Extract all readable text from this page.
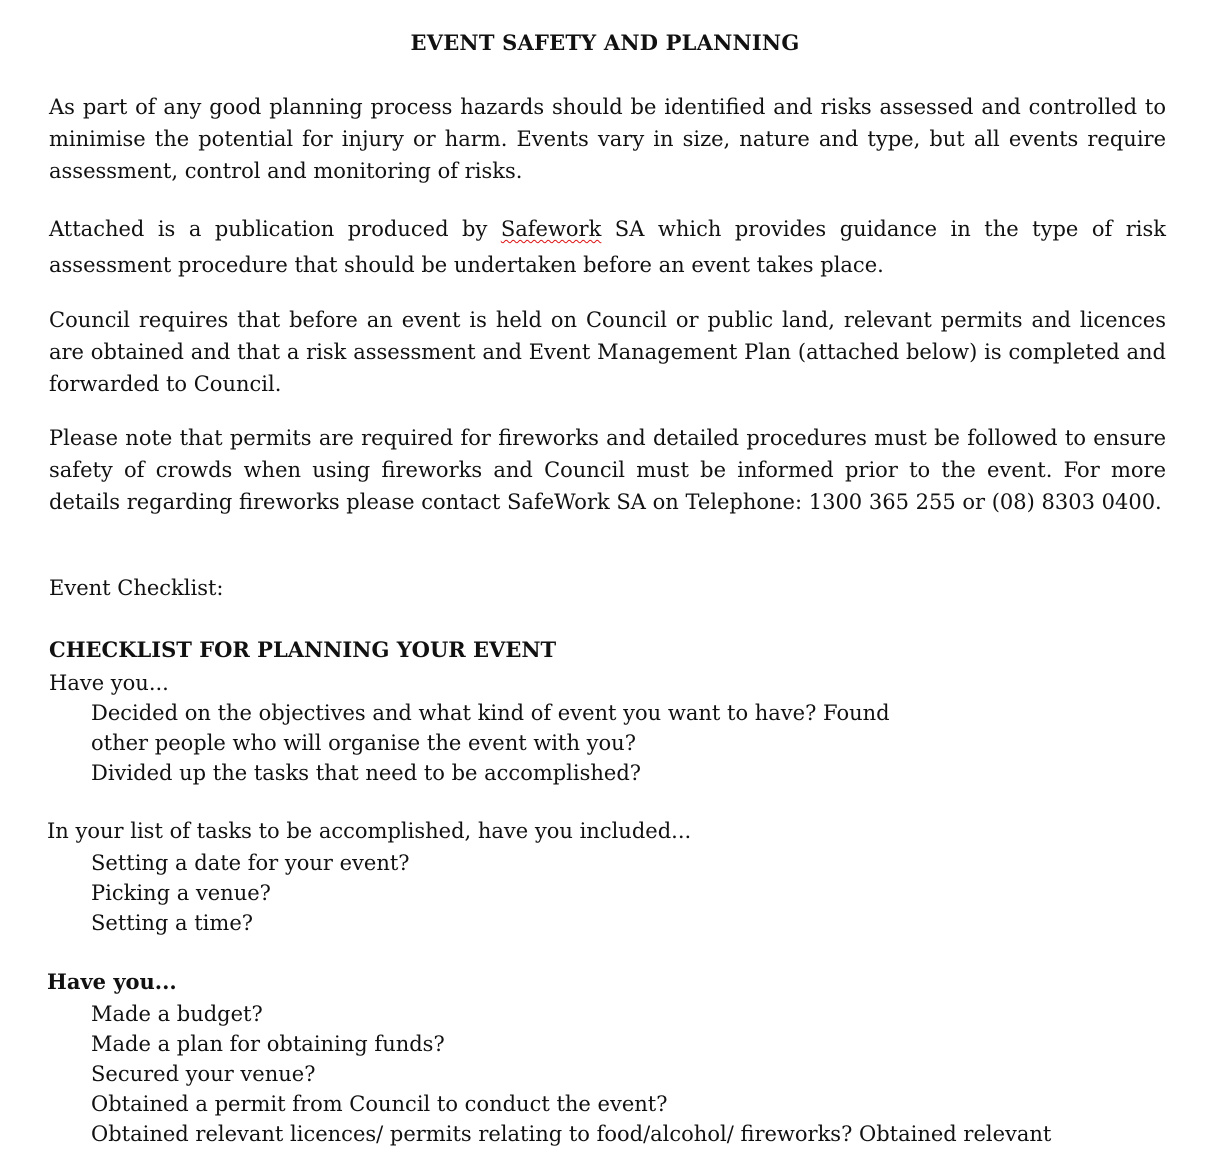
EVENT SAFETY AND PLANNING

As part of any good planning process hazards should be identified and risks assessed and controlled to minimise the potential for injury or harm. Events vary in size, nature and type, but all events require assessment, control and monitoring of risks.

Attached is a publication produced by Safework SA which provides guidance in the type of risk assessment procedure that should be undertaken before an event takes place.

Council requires that before an event is held on Council or public land, relevant permits and licences are obtained and that a risk assessment and Event Management Plan (attached below) is completed and forwarded to Council.

Please note that permits are required for fireworks and detailed procedures must be followed to ensure safety of crowds when using fireworks and Council must be informed prior to the event. For more details regarding fireworks please contact SafeWork SA on Telephone: 1300 365 255 or (08) 8303 0400.

Event Checklist:
CHECKLIST FOR PLANNING YOUR EVENT
Have you...
Decided on the objectives and what kind of event you want to have? Found
other people who will organise the event with you?
Divided up the tasks that need to be accomplished?
In your list of tasks to be accomplished, have you included...
Setting a date for your event?
Picking a venue?
Setting a time?
Have you...
Made a budget?
Made a plan for obtaining funds?
Secured your venue?
Obtained a permit from Council to conduct the event?
Obtained relevant licences/ permits relating to food/alcohol/ fireworks? Obtained relevant
